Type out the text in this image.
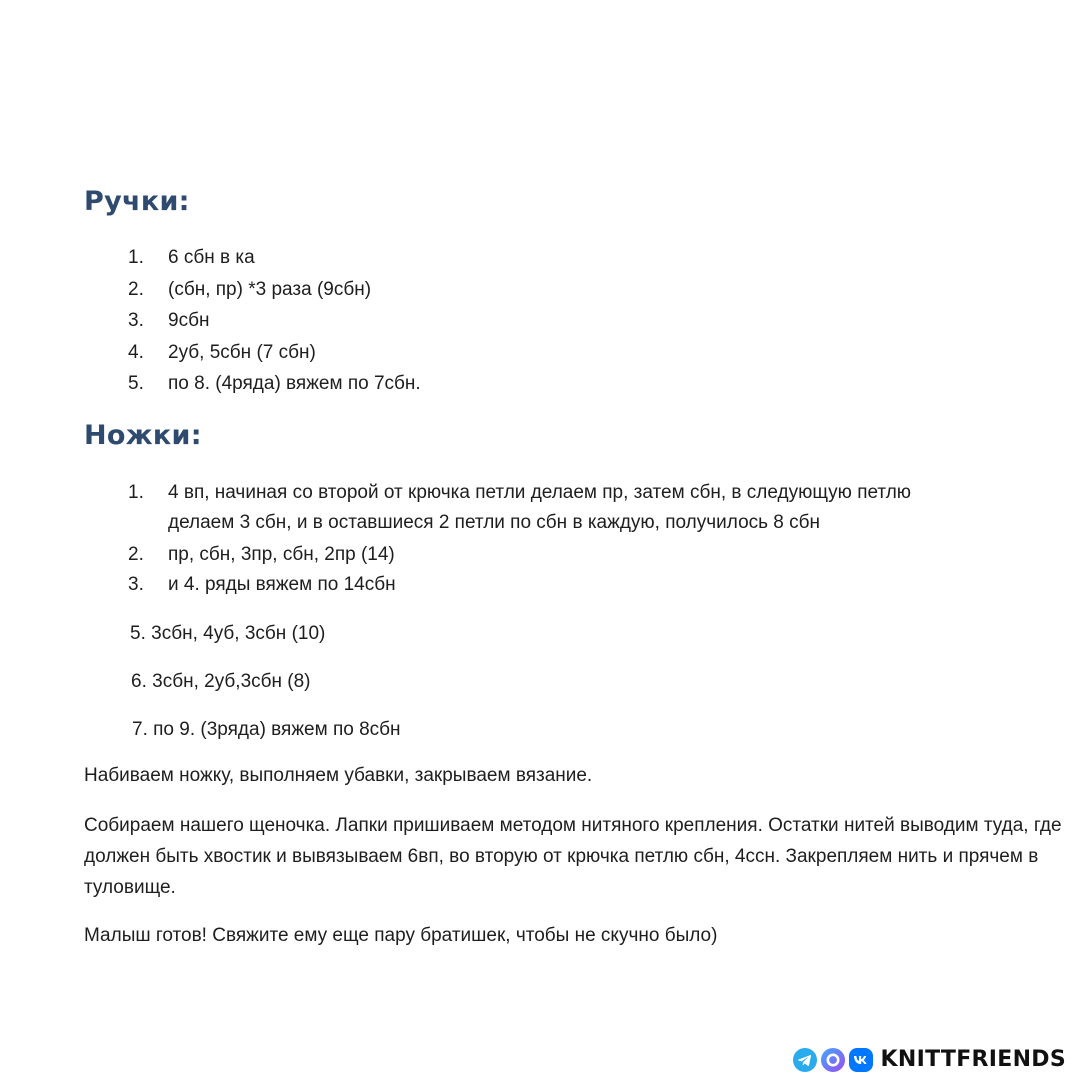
Ручки:
1. 6 сбн в ка
2. (сбн, пр) *3 раза (9сбн)
3. 9сбн
4. 2уб, 5сбн (7 сбн)
5. по 8. (4ряда) вяжем по 7сбн.
Ножки:
1. 4 вп, начиная со второй от крючка петли делаем пр, затем сбн, в следующую петлю
делаем 3 сбн, и в оставшиеся 2 петли по сбн в каждую, получилось 8 сбн
2. пр, сбн, 3пр, сбн, 2пр (14)
3. и 4. ряды вяжем по 14сбн
5. 3сбн, 4уб, 3сбн (10)
6. 3сбн, 2уб,3сбн (8)
7. по 9. (3ряда) вяжем по 8сбн

Набиваем ножку, выполняем убавки, закрываем вязание.

Собираем нашего щеночка. Лапки пришиваем методом нитяного крепления. Остатки нитей выводим туда, где должен быть хвостик и вывязываем 6вп, во вторую от крючка петлю сбн, 4ссн. Закрепляем нить и прячем в туловище.

Малыш готов! Свяжите ему еще пару братишек, чтобы не скучно было)

KNITTFRIENDS
